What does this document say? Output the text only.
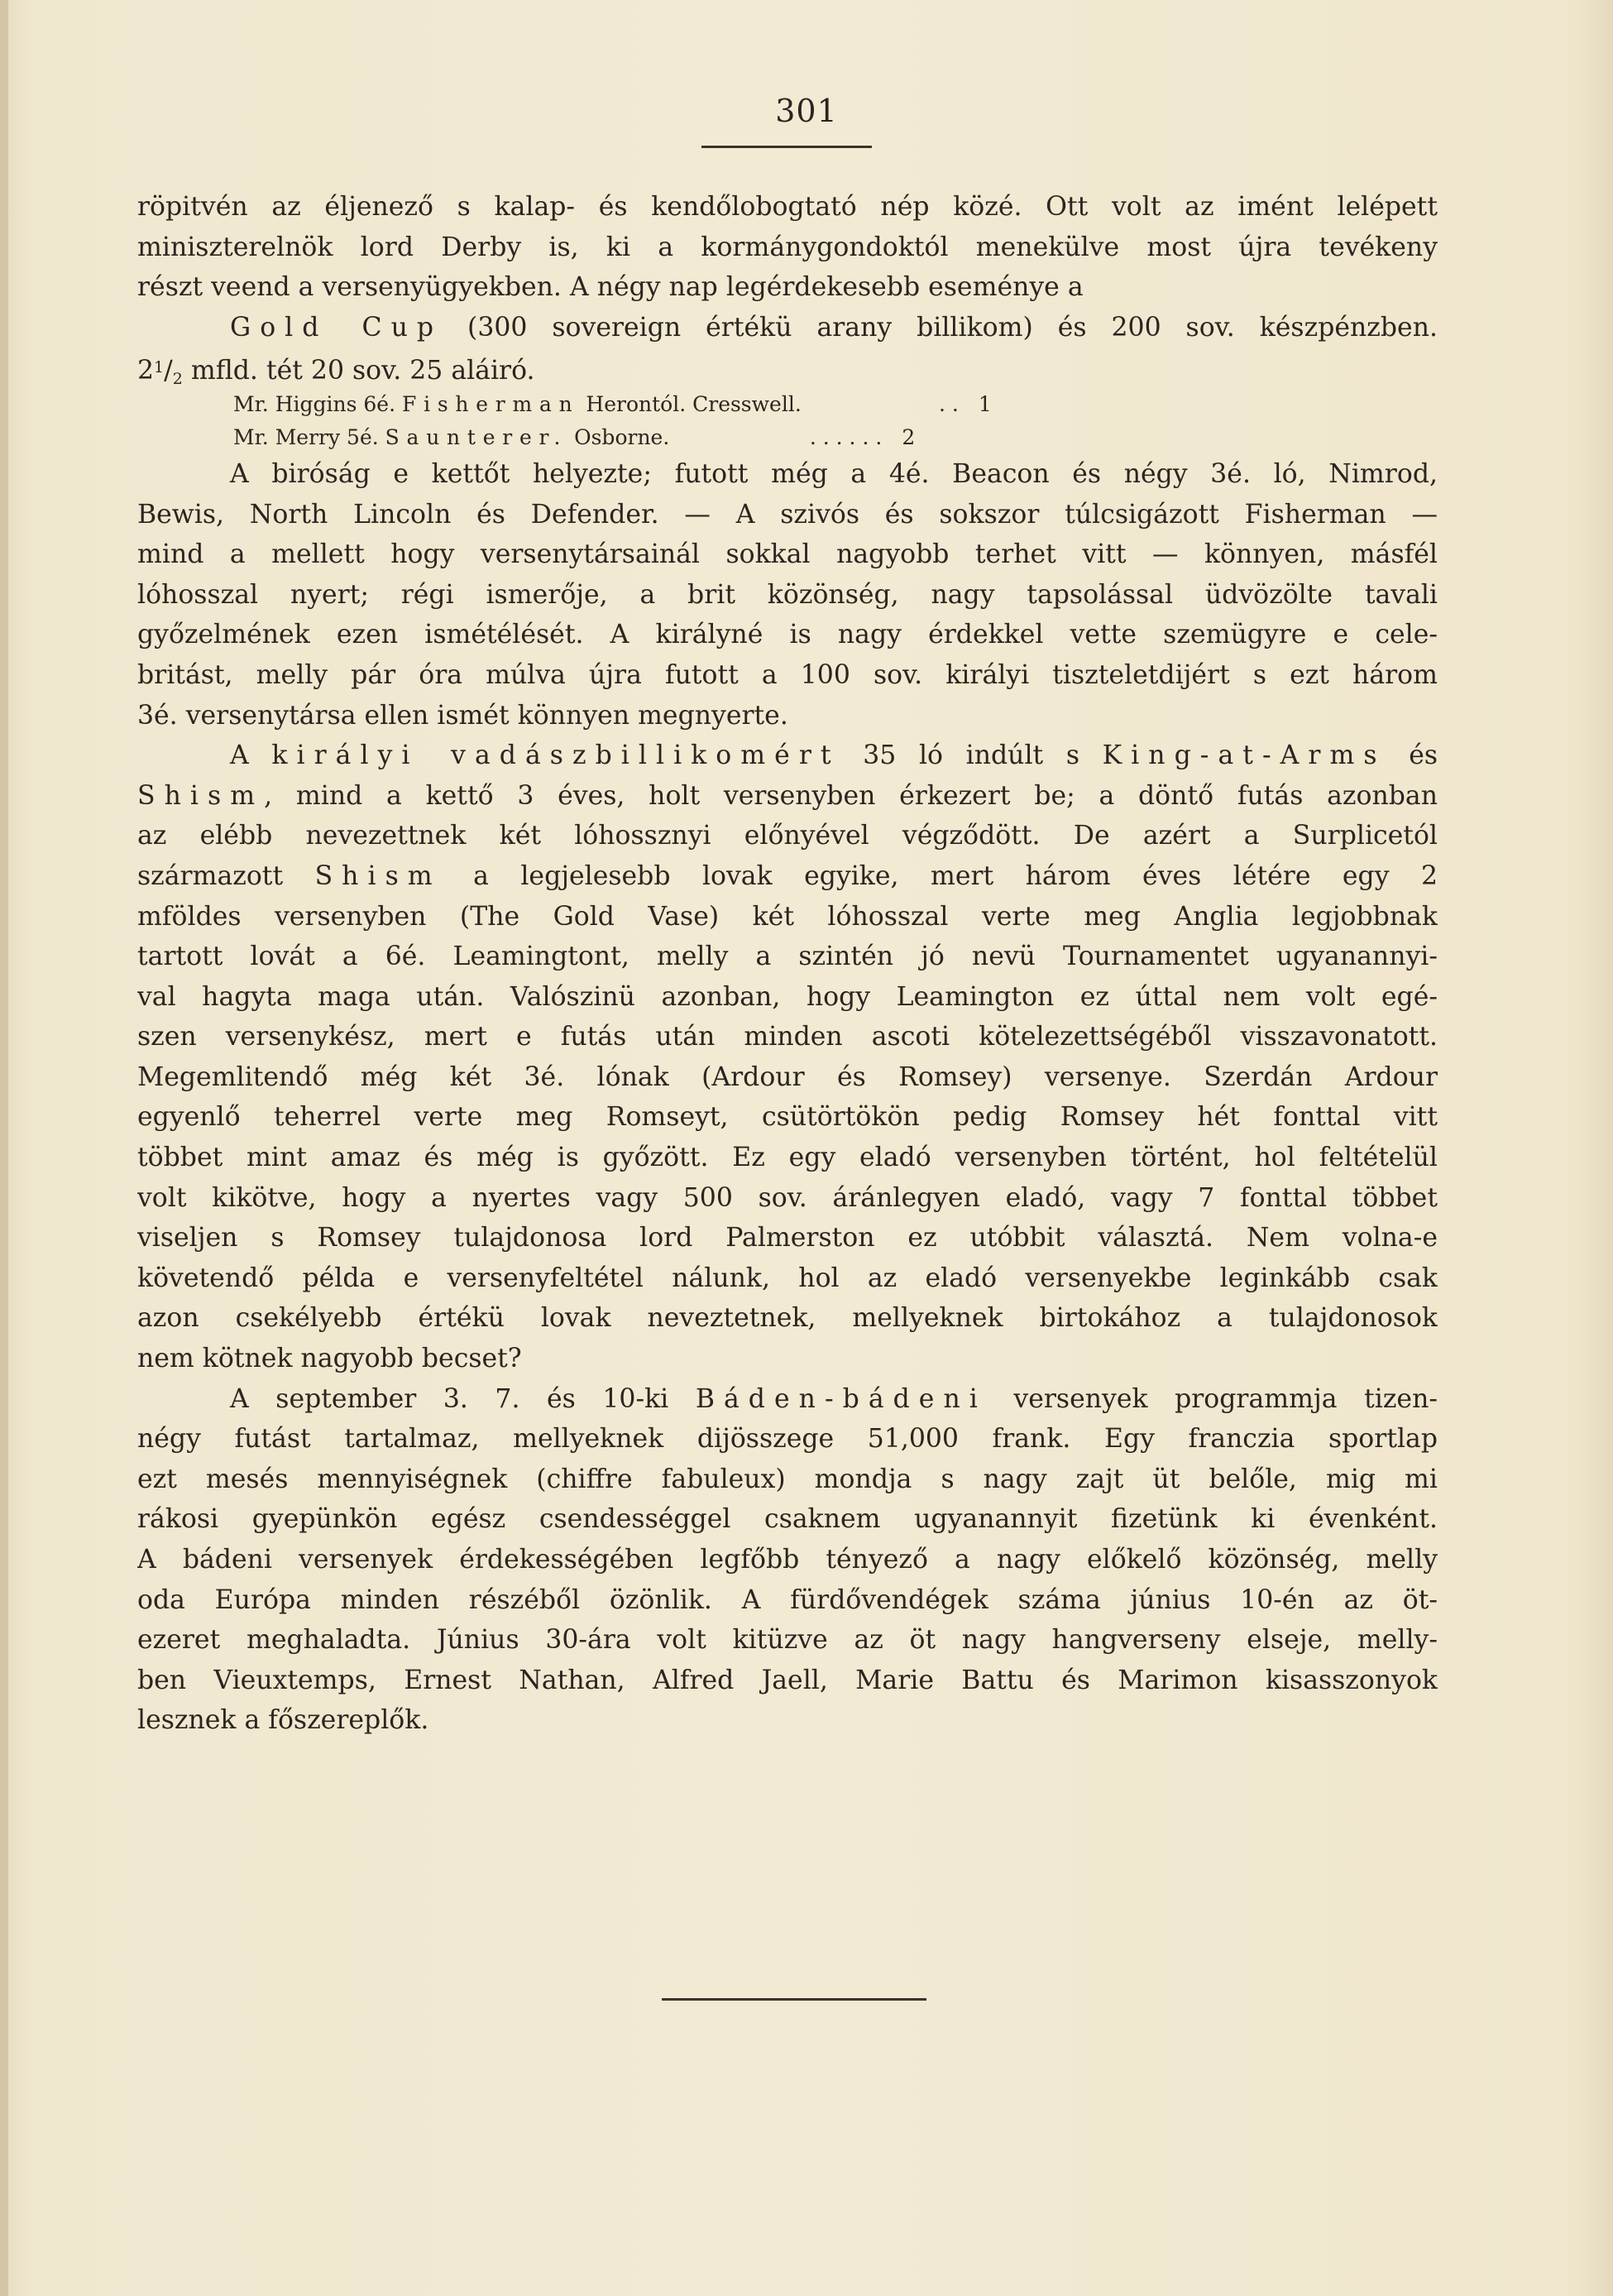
301
röpitvén az éljenező s kalap- és kendőlobogtató nép közé. Ott volt az imént lelépett
miniszterelnök lord Derby is, ki a kormánygondoktól menekülve most újra tevékeny
részt veend a versenyügyekben. A négy nap legérdekesebb eseménye a
Gold Cup (300 sovereign értékü arany billikom) és 200 sov. készpénzben.
$2^1/_2$ mfld. tét 20 sov. 25 aláiró.
Mr. Higgins 6é.
Fisherman
Herontól. Cresswell.	. . 1
Mr. Merry 5é.
Saunterer.
Osborne.	. . . . . . 2
A biróság e kettőt helyezte; futott még a 4é. Beacon és négy 3é. ló, Nimrod,
Bewis, North Lincoln és Defender. — A szivós és sokszor túlcsigázott Fisherman —
mind a mellett hogy versenytársainál sokkal nagyobb terhet vitt — könnyen, másfél
lóhosszal nyert; régi ismerője, a brit közönség, nagy tapsolással üdvözölte tavali
győzelmének ezen ismétélését. A királyné is nagy érdekkel vette szemügyre e cele-
britást, melly pár óra múlva újra futott a 100 sov. királyi tiszteletdijért s ezt három
3é. versenytársa ellen ismét könnyen megnyerte.
A királyi vadászbillikomért 35 ló indúlt s King-at-Arms és
Shism, mind a kettő 3 éves, holt versenyben érkezert be; a döntő futás azonban
az elébb nevezettnek két lóhossznyi előnyével végződött. De azért a Surplicetól
származott Shism a legjelesebb lovak egyike, mert három éves létére egy 2
mföldes versenyben (The Gold Vase) két lóhosszal verte meg Anglia legjobbnak
tartott lovát a 6é. Leamingtont, melly a szintén jó nevü Tournamentet ugyanannyi-
val hagyta maga után. Valószinü azonban, hogy Leamington ez úttal nem volt egé-
szen versenykész, mert e futás után minden ascoti kötelezettségéből visszavonatott.
Megemlitendő még két 3é. lónak (Ardour és Romsey) versenye. Szerdán Ardour
egyenlő teherrel verte meg Romseyt, csütörtökön pedig Romsey hét fonttal vitt
többet mint amaz és még is győzött. Ez egy eladó versenyben történt, hol feltételül
volt kikötve, hogy a nyertes vagy 500 sov. áránlegyen eladó, vagy 7 fonttal többet
viseljen s Romsey tulajdonosa lord Palmerston ez utóbbit választá. Nem volna-e
követendő példa e versenyfeltétel nálunk, hol az eladó versenyekbe leginkább csak
azon csekélyebb értékü lovak neveztetnek, mellyeknek birtokához a tulajdonosok
nem kötnek nagyobb becset?
A september 3. 7. és 10-ki Báden-bádeni versenyek programmja tizen-
négy futást tartalmaz, mellyeknek dijösszege 51,000 frank. Egy franczia sportlap
ezt mesés mennyiségnek (chiffre fabuleux) mondja s nagy zajt üt belőle, mig mi
rákosi gyepünkön egész csendességgel csaknem ugyanannyit fizetünk ki évenként.
A bádeni versenyek érdekességében legfőbb tényező a nagy előkelő közönség, melly
oda Európa minden részéből özönlik. A fürdővendégek száma június 10-én az öt-
ezeret meghaladta. Június 30-ára volt kitüzve az öt nagy hangverseny elseje, melly-
ben Vieuxtemps, Ernest Nathan, Alfred Jaell, Marie Battu és Marimon kisasszonyok
lesznek a főszereplők.
